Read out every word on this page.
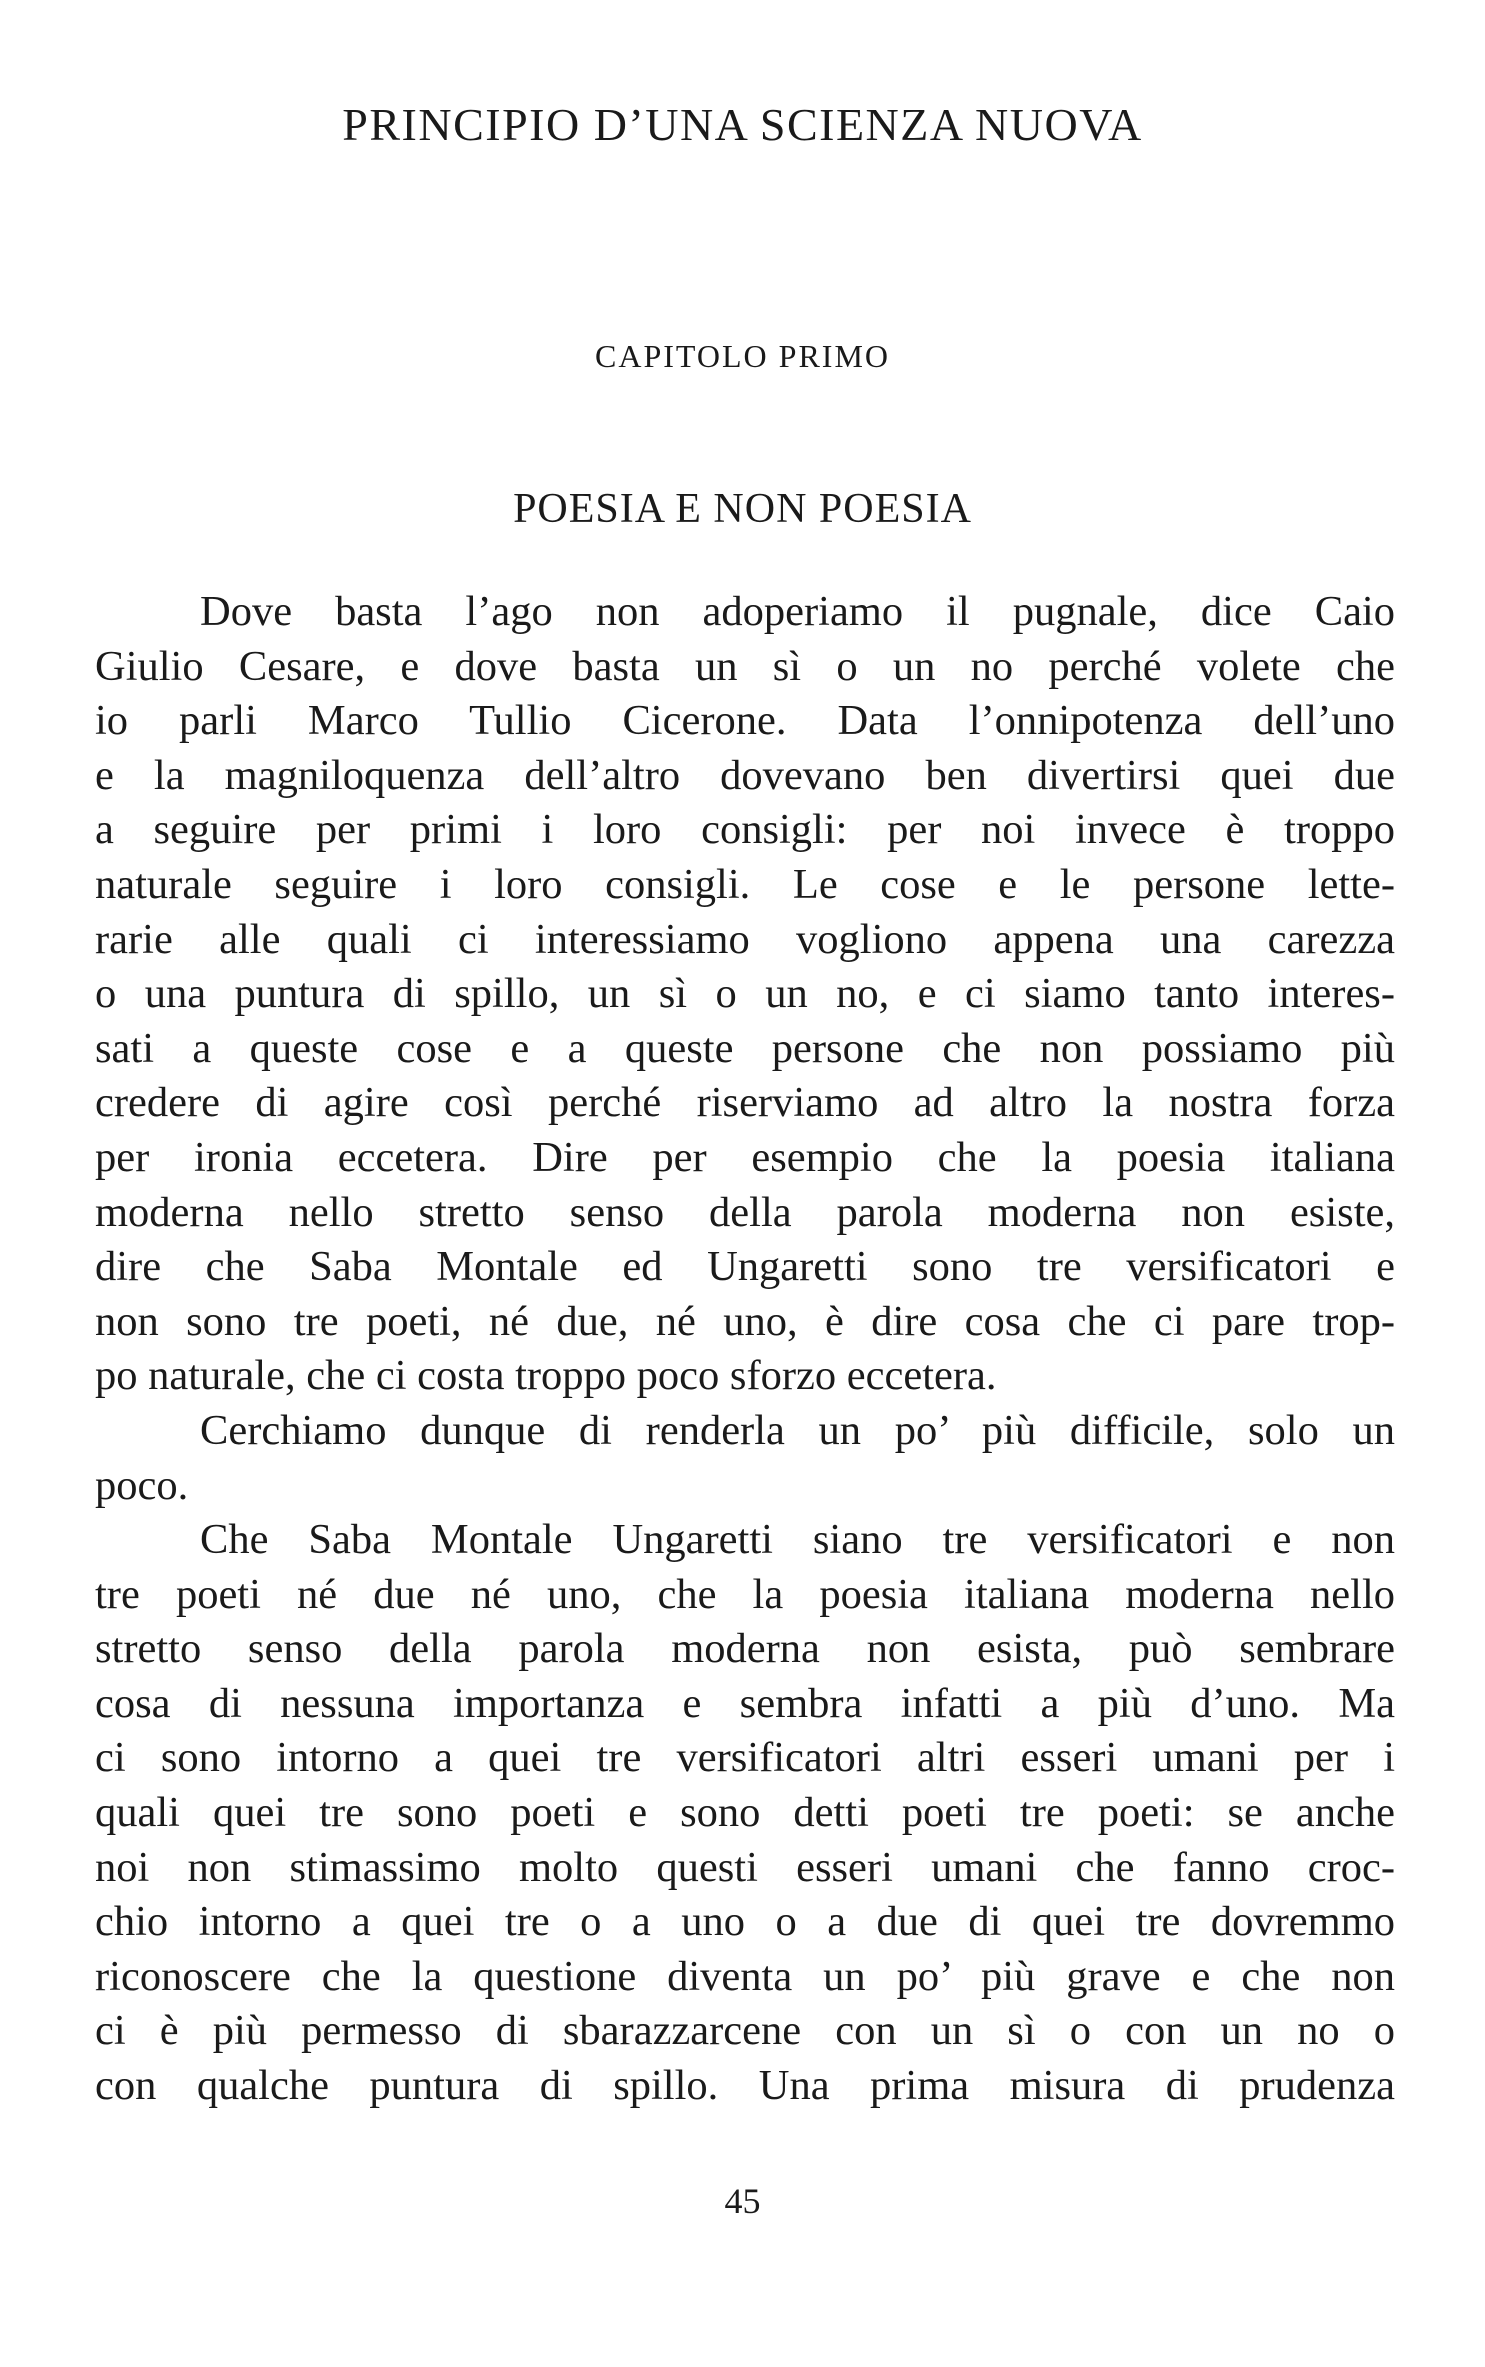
PRINCIPIO D’UNA SCIENZA NUOVA
CAPITOLO PRIMO
POESIA E NON POESIA
Dove basta l’ago non adoperiamo il pugnale, dice Caio
Giulio Cesare, e dove basta un sì o un no perché volete che
io parli Marco Tullio Cicerone. Data l’onnipotenza dell’uno
e la magniloquenza dell’altro dovevano ben divertirsi quei due
a seguire per primi i loro consigli: per noi invece è troppo
naturale seguire i loro consigli. Le cose e le persone lette-
rarie alle quali ci interessiamo vogliono appena una carezza
o una puntura di spillo, un sì o un no, e ci siamo tanto interes-
sati a queste cose e a queste persone che non possiamo più
credere di agire così perché riserviamo ad altro la nostra forza
per ironia eccetera. Dire per esempio che la poesia italiana
moderna nello stretto senso della parola moderna non esiste,
dire che Saba Montale ed Ungaretti sono tre versificatori e
non sono tre poeti, né due, né uno, è dire cosa che ci pare trop-
po naturale, che ci costa troppo poco sforzo eccetera.
Cerchiamo dunque di renderla un po’ più difficile, solo un
poco.
Che Saba Montale Ungaretti siano tre versificatori e non
tre poeti né due né uno, che la poesia italiana moderna nello
stretto senso della parola moderna non esista, può sembrare
cosa di nessuna importanza e sembra infatti a più d’uno. Ma
ci sono intorno a quei tre versificatori altri esseri umani per i
quali quei tre sono poeti e sono detti poeti tre poeti: se anche
noi non stimassimo molto questi esseri umani che fanno croc-
chio intorno a quei tre o a uno o a due di quei tre dovremmo
riconoscere che la questione diventa un po’ più grave e che non
ci è più permesso di sbarazzarcene con un sì o con un no o
con qualche puntura di spillo. Una prima misura di prudenza
45
